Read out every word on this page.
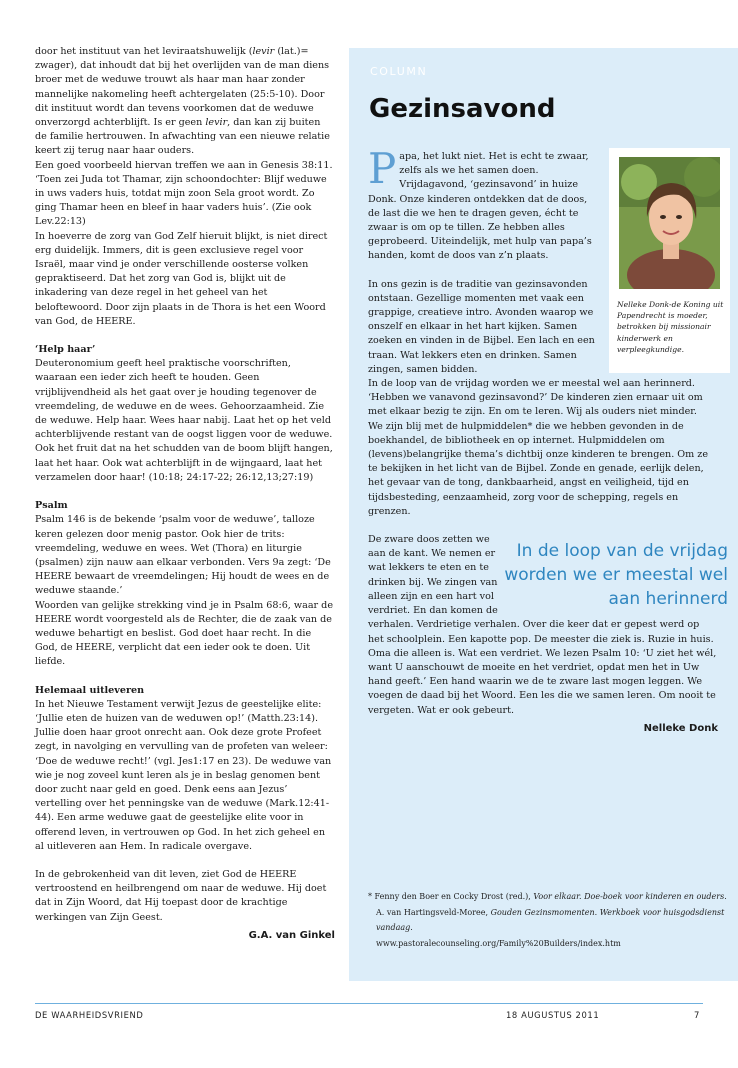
door het instituut van het leviraatshuwelijk (levir (lat.)= zwager), dat inhoudt dat bij het overlijden van de man diens broer met de weduwe trouwt als haar man haar zonder mannelijke nakomeling heeft achtergelaten (25:5-10). Door dit instituut wordt dan tevens voorkomen dat de weduwe onverzorgd achterblijft. Is er geen levir, dan kan zij buiten de familie hertrouwen. In afwachting van een nieuwe relatie keert zij terug naar haar ouders.

Een goed voorbeeld hiervan treffen we aan in Genesis 38:11. ‘Toen zei Juda tot Thamar, zijn schoondochter: Blijf weduwe in uws vaders huis, totdat mijn zoon Sela groot wordt. Zo ging Thamar heen en bleef in haar vaders huis’. (Zie ook Lev.22:13)

In hoeverre de zorg van God Zelf hieruit blijkt, is niet direct erg duidelijk. Immers, dit is geen exclusieve regel voor Israël, maar vind je onder verschillende oosterse volken gepraktiseerd. Dat het zorg van God is, blijkt uit de inkadering van deze regel in het geheel van het beloftewoord. Door zijn plaats in de Thora is het een Woord van God, de HEERE.

‘Help haar’

Deuteronomium geeft heel praktische voorschriften, waaraan een ieder zich heeft te houden. Geen vrijblijvendheid als het gaat over je houding tegenover de vreemdeling, de weduwe en de wees. Gehoorzaamheid. Zie de weduwe. Help haar. Wees haar nabij. Laat het op het veld achterblijvende restant van de oogst liggen voor de weduwe. Ook het fruit dat na het schudden van de boom blijft hangen, laat het haar. Ook wat achterblijft in de wijngaard, laat het verzamelen door haar! (10:18; 24:17-22; 26:12,13;27:19)

Psalm

Psalm 146 is de bekende ‘psalm voor de weduwe’, talloze keren gelezen door menig pastor. Ook hier de trits: vreemdeling, weduwe en wees. Wet (Thora) en liturgie (psalmen) zijn nauw aan elkaar verbonden. Vers 9a zegt: ‘De HEERE bewaart de vreemdelingen; Hij houdt de wees en de weduwe staande.’

Woorden van gelijke strekking vind je in Psalm 68:6, waar de HEERE wordt voorgesteld als de Rechter, die de zaak van de weduwe behartigt en beslist. God doet haar recht. In die God, de HEERE, verplicht dat een ieder ook te doen. Uit liefde.

Helemaal uitleveren

In het Nieuwe Testament verwijt Jezus de geestelijke elite: ‘Jullie eten de huizen van de weduwen op!’ (Matth.23:14). Jullie doen haar groot onrecht aan. Ook deze grote Profeet zegt, in navolging en vervulling van de profeten van weleer: ‘Doe de weduwe recht!’ (vgl. Jes1:17 en 23). De weduwe van wie je nog zoveel kunt leren als je in beslag genomen bent door zucht naar geld en goed. Denk eens aan Jezus’ vertelling over het penningske van de weduwe (Mark.12:41-44). Een arme weduwe gaat de geestelijke elite voor in offerend leven, in vertrouwen op God. In het zich geheel en al uitleveren aan Hem. In radicale overgave.

In de gebrokenheid van dit leven, ziet God de HEERE vertroostend en heilbrengend om naar de weduwe. Hij doet dat in Zijn Woord, dat Hij toepast door de krachtige werkingen van Zijn Geest.

G.A. van Ginkel
COLUMN
Gezinsavond
Nelleke Donk-de Koning uit Papendrecht is moeder, betrokken bij missionair kinderwerk en verpleegkundige.

Papa, het lukt niet. Het is echt te zwaar, zelfs als we het samen doen. Vrijdagavond, ‘gezinsavond’ in huize Donk. Onze kinderen ontdekken dat de doos, de last die we hen te dragen geven, écht te zwaar is om op te tillen. Ze hebben alles geprobeerd. Uiteindelijk, met hulp van papa’s handen, komt de doos van z’n plaats.

In ons gezin is de traditie van gezinsavonden ontstaan. Gezellige momenten met vaak een grappige, creatieve intro. Avonden waarop we onszelf en elkaar in het hart kijken. Samen zoeken en vinden in de Bijbel. Een lach en een traan. Wat lekkers eten en drinken. Samen zingen, samen bidden.

In de loop van de vrijdag worden we er meestal wel aan herinnerd. ‘Hebben we vanavond gezinsavond?’ De kinderen zien ernaar uit om met elkaar bezig te zijn. En om te leren. Wij als ouders niet minder.

We zijn blij met de hulpmiddelen* die we hebben gevonden in de boekhandel, de bibliotheek en op internet. Hulpmiddelen om (levens)belangrijke thema’s dichtbij onze kinderen te brengen. Om ze te bekijken in het licht van de Bijbel. Zonde en genade, eerlijk delen, het gevaar van de tong, dankbaarheid, angst en veiligheid, tijd en tijdsbesteding, eenzaamheid, zorg voor de schepping, regels en grenzen.

In de loop van de vrijdag worden we er meestal wel aan herinnerd

De zware doos zetten we aan de kant. We nemen er wat lekkers te eten en te drinken bij. We zingen van alleen zijn en een hart vol verdriet. En dan komen de verhalen. Verdrietige verhalen. Over die keer dat er gepest werd op het schoolplein. Een kapotte pop. De meester die ziek is. Ruzie in huis. Oma die alleen is. Wat een verdriet. We lezen Psalm 10: ‘U ziet het wél, want U aanschouwt de moeite en het verdriet, opdat men het in Uw hand geeft.’ Een hand waarin we de te zware last mogen leggen. We voegen de daad bij het Woord. Een les die we samen leren. Om nooit te vergeten. Wat er ook gebeurt.

Nelleke Donk

* Fenny den Boer en Cocky Drost (red.), Voor elkaar. Doe-boek voor kinderen en ouders.

A. van Hartingsveld-Moree, Gouden Gezinsmomenten. Werkboek voor huisgodsdienst vandaag.

www.pastoralecounseling.org/Family%20Builders/index.htm

DE WAARHEIDSVRIEND	18 AUGUSTUS 2011	7
